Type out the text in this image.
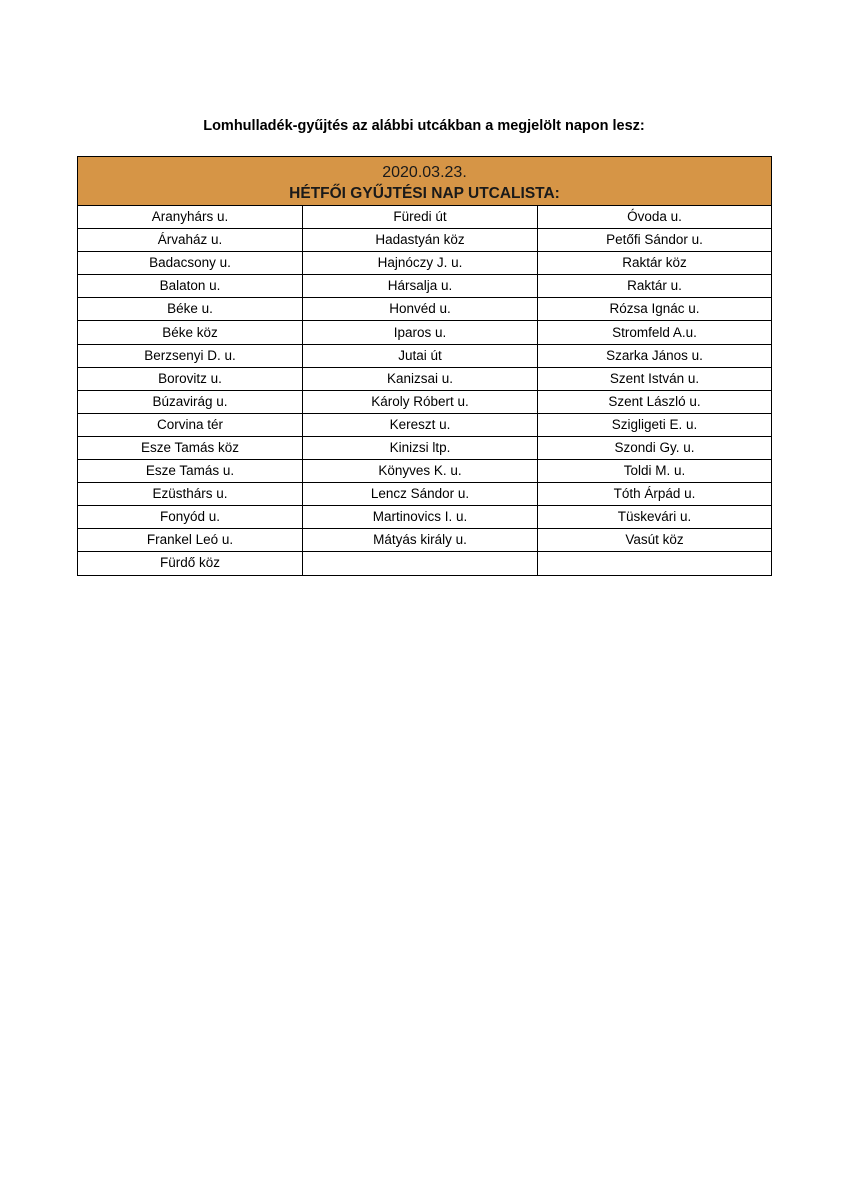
Lomhulladék-gyűjtés az alábbi utcákban a megjelölt napon lesz:
2020.03.23.
HÉTFŐI GYŰJTÉSI NAP UTCALISTA:		

Aranyhárs u.	Füredi út	Óvoda u.
Árvaház u.	Hadastyán köz	Petőfi Sándor u.
Badacsony u.	Hajnóczy J. u.	Raktár köz
Balaton u.	Hársalja u.	Raktár u.
Béke u.	Honvéd u.	Rózsa Ignác u.
Béke köz	Iparos u.	Stromfeld A.u.
Berzsenyi D. u.	Jutai út	Szarka János u.
Borovitz u.	Kanizsai u.	Szent István u.
Búzavirág u.	Károly Róbert u.	Szent László u.
Corvina tér	Kereszt u.	Szigligeti E. u.
Esze Tamás köz	Kinizsi ltp.	Szondi Gy. u.
Esze Tamás u.	Könyves K. u.	Toldi M. u.
Ezüsthárs u.	Lencz Sándor u.	Tóth Árpád u.
Fonyód u.	Martinovics I. u.	Tüskevári u.
Frankel Leó u.	Mátyás király u.	Vasút köz
Fürdő köz		
